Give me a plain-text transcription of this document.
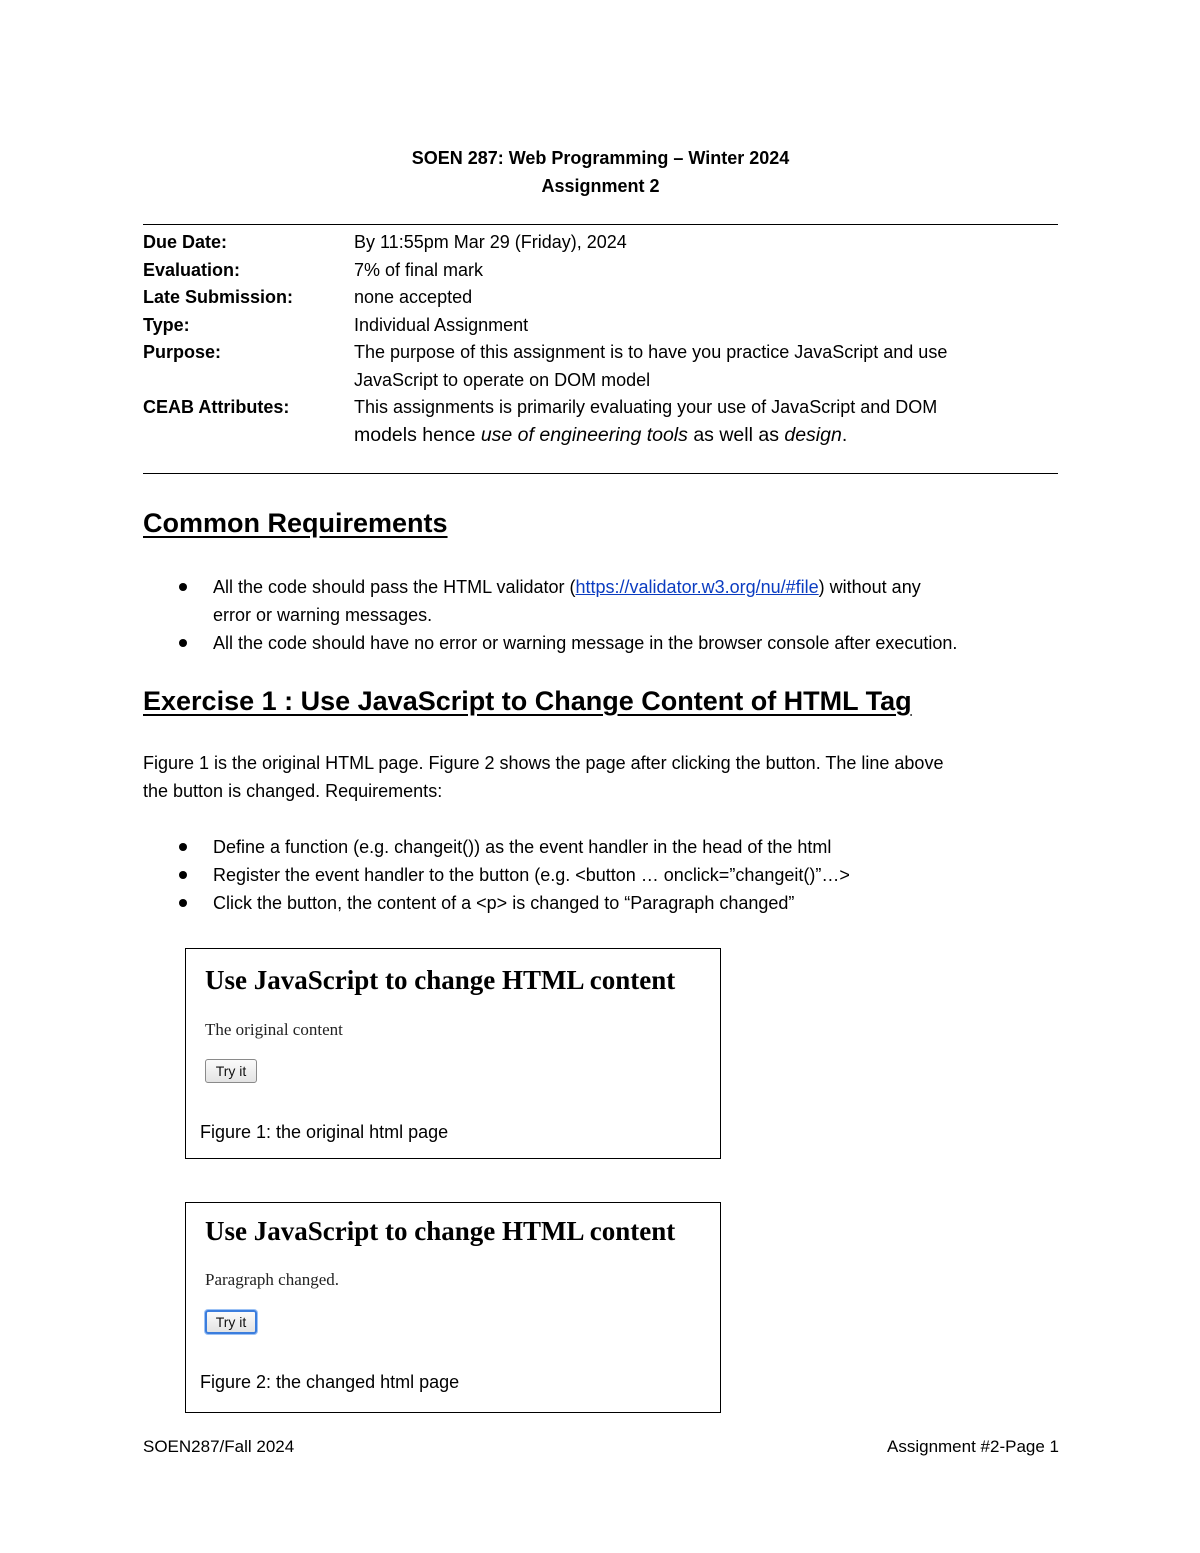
SOEN 287: Web Programming – Winter 2024
Assignment 2
Due Date:	By 11:55pm Mar 29 (Friday), 2024
Evaluation:	7% of final mark
Late Submission:	none accepted
Type:	Individual Assignment
Purpose:	The purpose of this assignment is to have you practice JavaScript and use
JavaScript to operate on DOM model
CEAB Attributes:	This assignments is primarily evaluating your use of JavaScript and DOM
models hence use of engineering tools as well as design.
Common Requirements
All the code should pass the HTML validator (https://validator.w3.org/nu/#file) without any
error or warning messages.
All the code should have no error or warning message in the browser console after execution.
Exercise 1 : Use JavaScript to Change Content of HTML Tag
Figure 1 is the original HTML page. Figure 2 shows the page after clicking the button. The line above
the button is changed. Requirements:
Define a function (e.g. changeit()) as the event handler in the head of the html
Register the event handler to the button (e.g. <button … onclick=”changeit()”…>
Click the button, the content of a <p> is changed to “Paragraph changed”
Use JavaScript to change HTML content
The original content
Try it
Figure 1: the original html page
Use JavaScript to change HTML content
Paragraph changed.
Try it
Figure 2: the changed html page
SOEN287/Fall 2024	Assignment #2-Page 1
